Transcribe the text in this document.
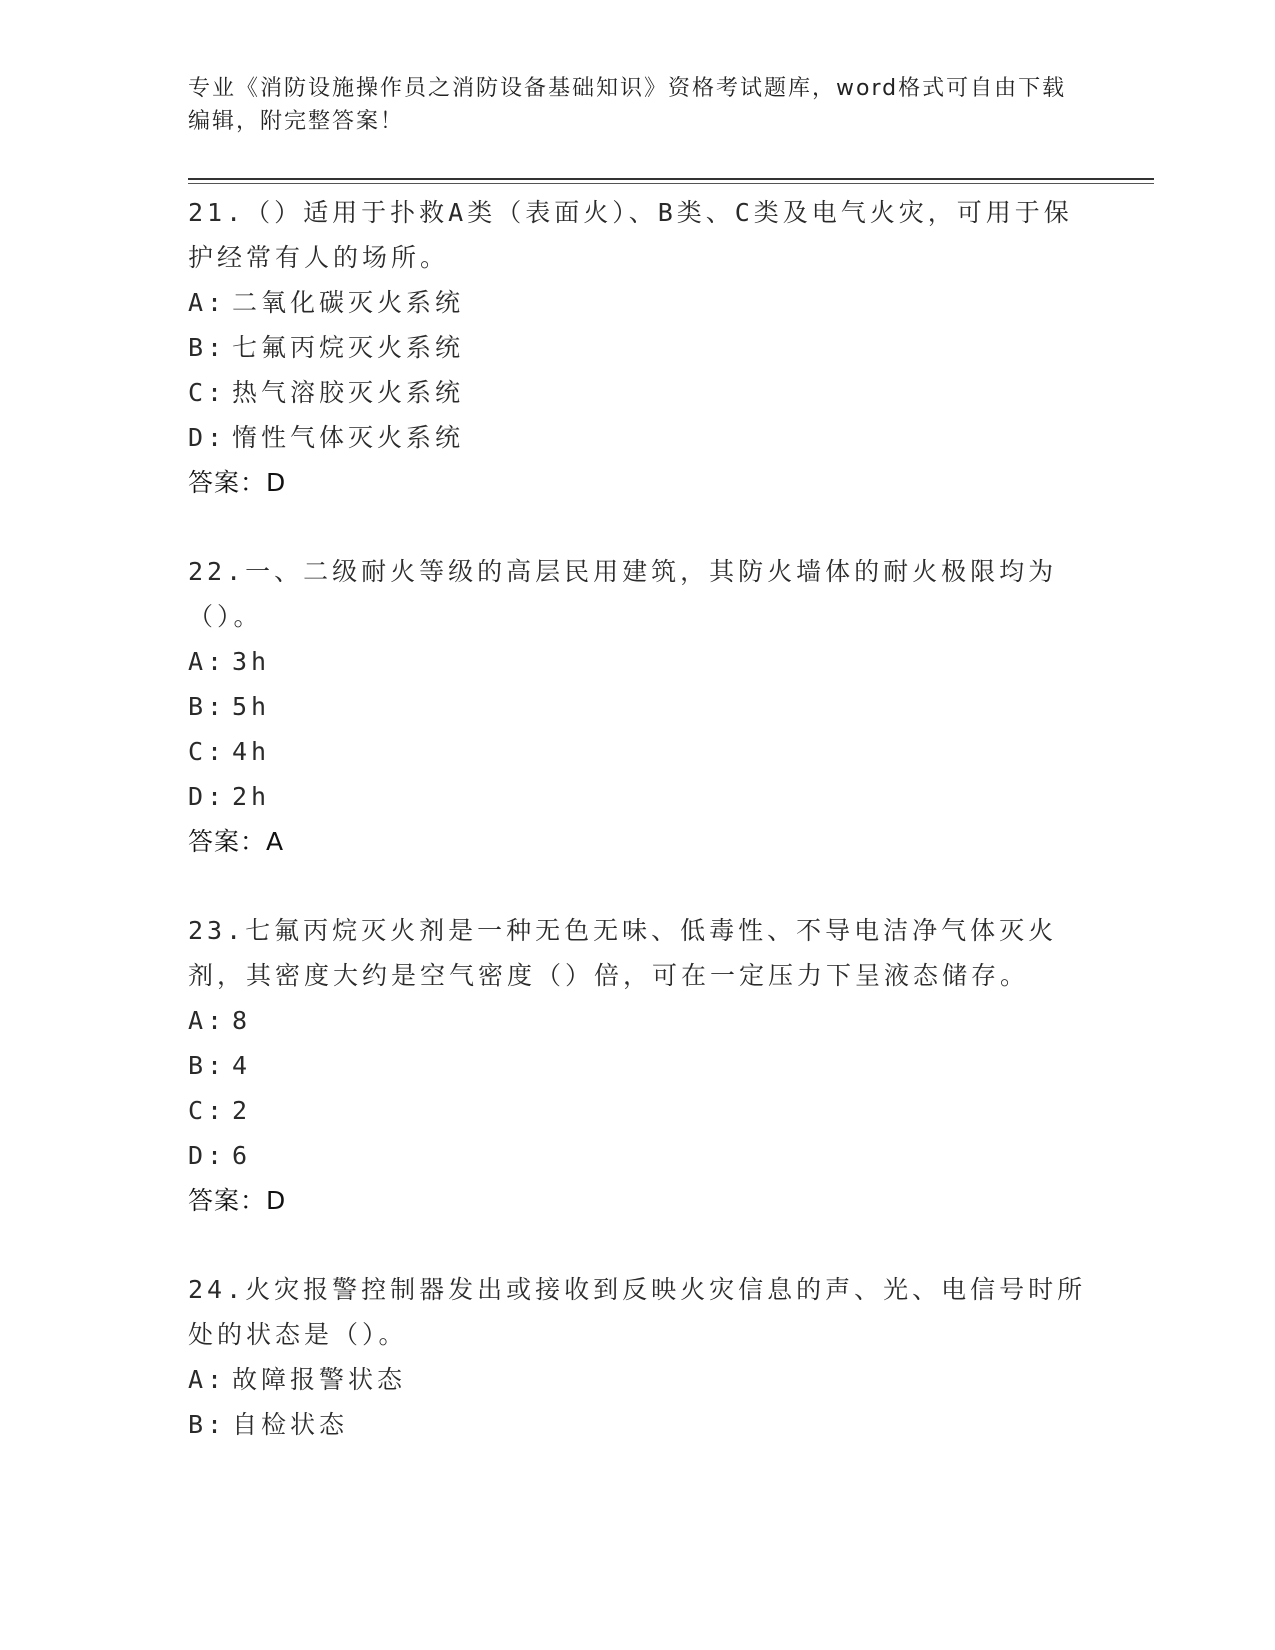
专业《消防设施操作员之消防设备基础知识》资格考试题库，word格式可自由下载编辑，附完整答案！
21.（）适用于扑救A类（表面火）、B类、C类及电气火灾，可用于保护经常有人的场所。
A: 二氧化碳灭火系统
B: 七氟丙烷灭火系统
C: 热气溶胶灭火系统
D: 惰性气体灭火系统
答案：D
22.一、二级耐火等级的高层民用建筑，其防火墙体的耐火极限均为（）。
A: 3h
B: 5h
C: 4h
D: 2h
答案：A
23.七氟丙烷灭火剂是一种无色无味、低毒性、不导电洁净气体灭火剂，其密度大约是空气密度（）倍，可在一定压力下呈液态储存。
A: 8
B: 4
C: 2
D: 6
答案：D
24.火灾报警控制器发出或接收到反映火灾信息的声、光、电信号时所处的状态是（）。
A: 故障报警状态
B: 自检状态
